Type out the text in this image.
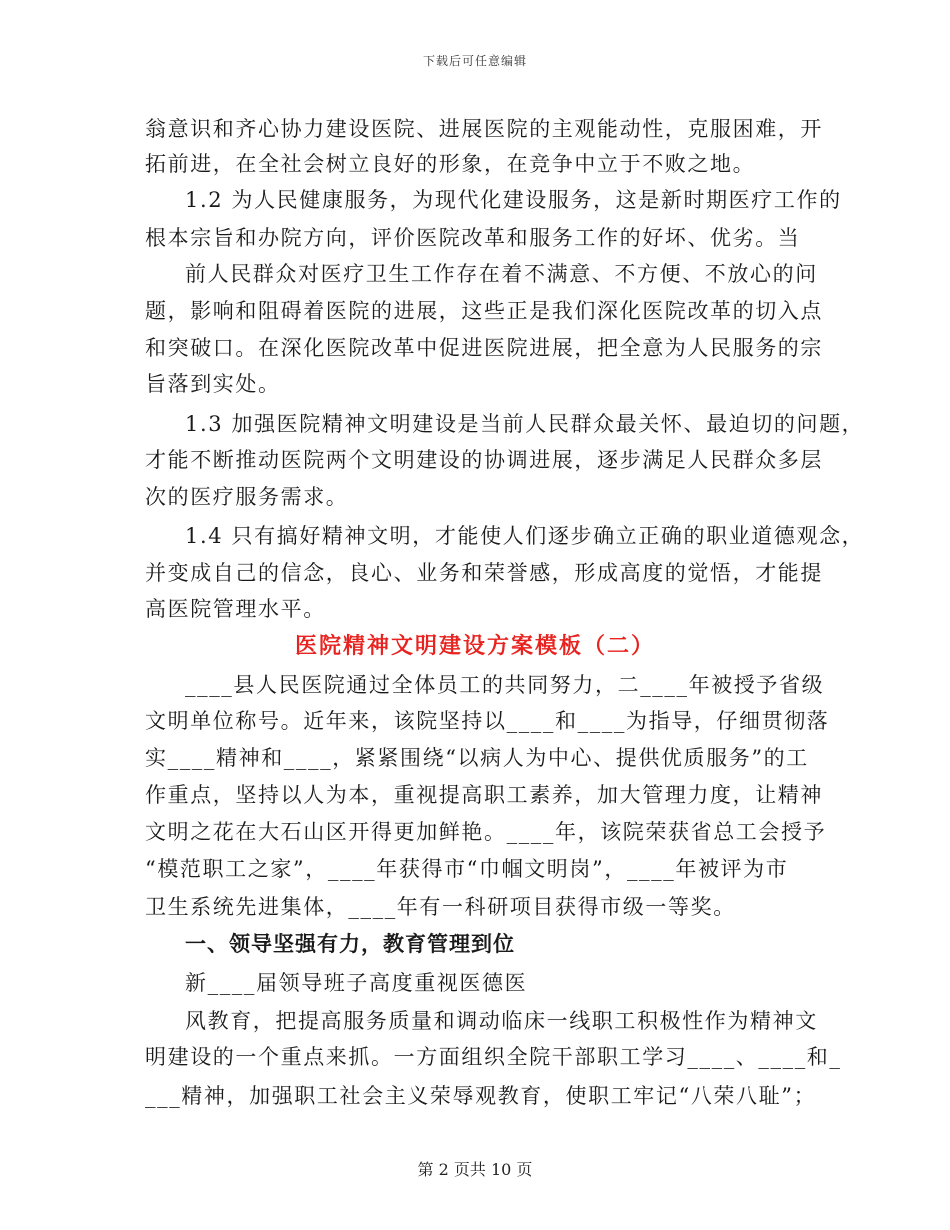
下载后可任意编辑
翁意识和齐心协力建设医院、进展医院的主观能动性，克服困难，开
拓前进，在全社会树立良好的形象，在竞争中立于不败之地。
1.2 为人民健康服务，为现代化建设服务，这是新时期医疗工作的
根本宗旨和办院方向，评价医院改革和服务工作的好坏、优劣。当
前人民群众对医疗卫生工作存在着不满意、不方便、不放心的问
题，影响和阻碍着医院的进展，这些正是我们深化医院改革的切入点
和突破口。在深化医院改革中促进医院进展，把全意为人民服务的宗
旨落到实处。
1.3 加强医院精神文明建设是当前人民群众最关怀、最迫切的问题，
才能不断推动医院两个文明建设的协调进展，逐步满足人民群众多层
次的医疗服务需求。
1.4 只有搞好精神文明，才能使人们逐步确立正确的职业道德观念，
并变成自己的信念，良心、业务和荣誉感，形成高度的觉悟，才能提
高医院管理水平。
医院精神文明建设方案模板（二）
____县人民医院通过全体员工的共同努力，二____年被授予省级
文明单位称号。近年来，该院坚持以____和____为指导，仔细贯彻落
实____精神和____，紧紧围绕“以病人为中心、提供优质服务”的工
作重点，坚持以人为本，重视提高职工素养，加大管理力度，让精神
文明之花在大石山区开得更加鲜艳。____年，该院荣获省总工会授予
“模范职工之家”，____年获得市“巾帼文明岗”，____年被评为市
卫生系统先进集体，____年有一科研项目获得市级一等奖。
一、领导坚强有力，教育管理到位
新____届领导班子高度重视医德医
风教育，把提高服务质量和调动临床一线职工积极性作为精神文
明建设的一个重点来抓。一方面组织全院干部职工学习____、____和_
___精神，加强职工社会主义荣辱观教育，使职工牢记“八荣八耻”；
第 2 页共 10 页
